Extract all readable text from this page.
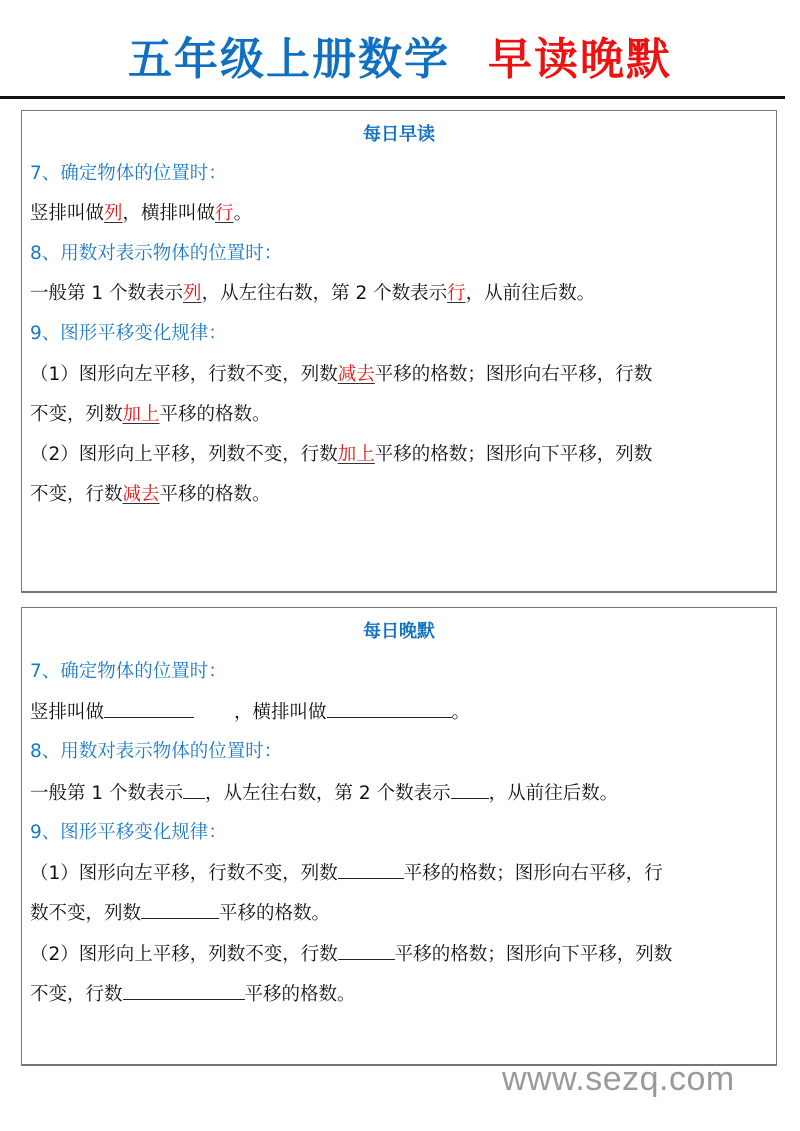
五年级上册数学 早读晚默
每日早读
7、确定物体的位置时：
竖排叫做列，横排叫做行。
8、用数对表示物体的位置时：
一般第 1 个数表示列，从左往右数，第 2 个数表示行，从前往后数。
9、图形平移变化规律：
（1）图形向左平移，行数不变，列数减去平移的格数；图形向右平移，行数
不变，列数加上平移的格数。
（2）图形向上平移，列数不变，行数加上平移的格数；图形向下平移，列数
不变，行数减去平移的格数。
每日晚默
7、确定物体的位置时：
竖排叫做	，横排叫做	。
8、用数对表示物体的位置时：
一般第 1 个数表示 ，从左往右数，第 2 个数表示 ，从前往后数。
9、图形平移变化规律：
（1）图形向左平移，行数不变，列数	平移的格数；图形向右平移，行
数不变，列数	平移的格数。
（2）图形向上平移，列数不变，行数	平移的格数；图形向下平移，列数
不变，行数	平移的格数。
www.sezq.com
